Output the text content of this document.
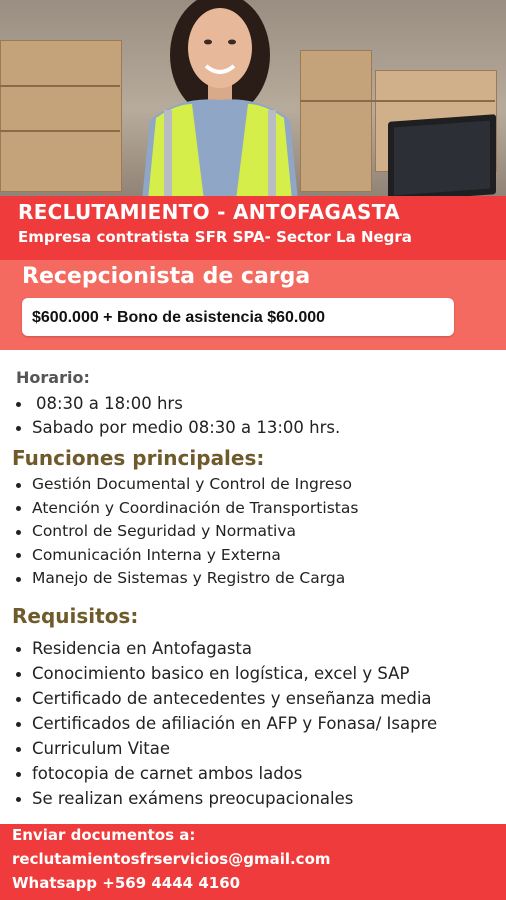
RECLUTAMIENTO - ANTOFAGASTA
Empresa contratista SFR SPA- Sector La Negra
Recepcionista de carga
$600.000 + Bono de asistencia $60.000
Horario:
08:30 a 18:00 hrs
Sabado por medio 08:30 a 13:00 hrs.
Funciones principales:
Gestión Documental y Control de Ingreso
Atención y Coordinación de Transportistas
Control de Seguridad y Normativa
Comunicación Interna y Externa
Manejo de Sistemas y Registro de Carga
Requisitos:
Residencia en Antofagasta
Conocimiento basico en logística, excel y SAP
Certificado de antecedentes y enseñanza media
Certificados de afiliación en AFP y Fonasa/ Isapre
Curriculum Vitae
fotocopia de carnet ambos lados
Se realizan exámens preocupacionales
Enviar documentos a:
reclutamientosfrservicios@gmail.com
Whatsapp +569 4444 4160
